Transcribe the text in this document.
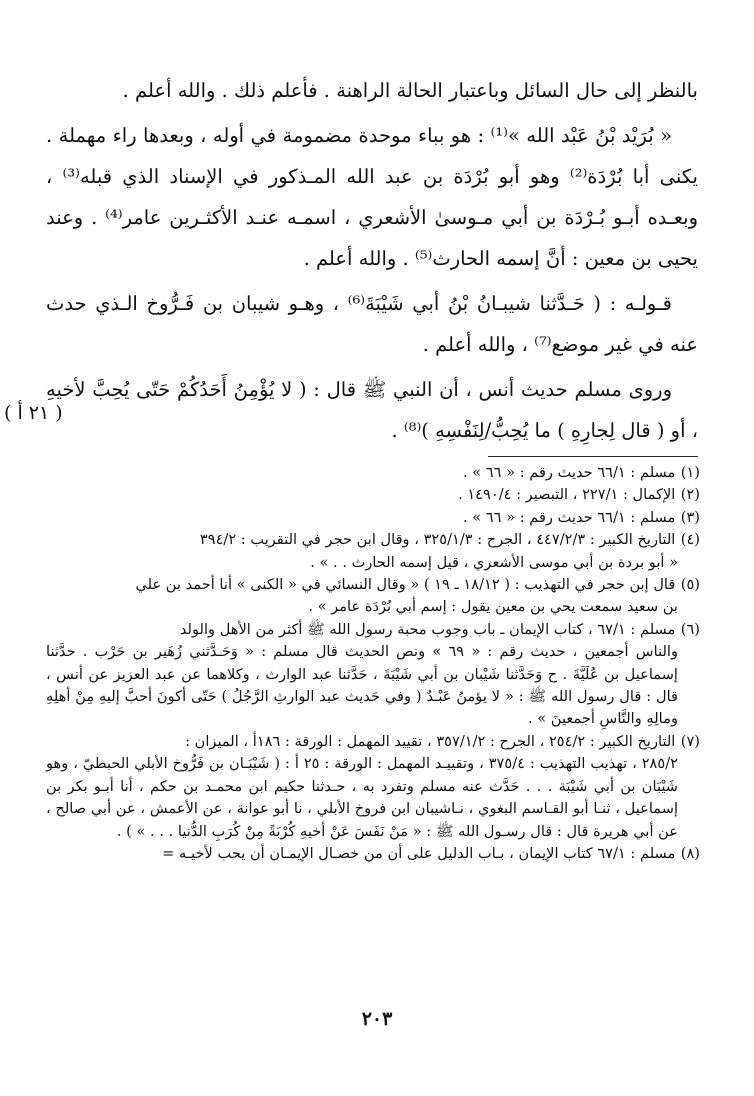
بالنظر إلى حال السائل وباعتبار الحالة الراهنة . فأعلم ذلك . والله أعلم .

« بُرَيْد بْنُ عَبْد الله »⁽¹⁾ : هو بباء موحدة مضمومة في أوله ، وبعدها راء مهملة . يكنى أبا بُرْدَة⁽²⁾ وهو أبو بُرْدَة بن عبد الله المـذكور في الإسناد الذي قبله⁽³⁾ ، وبعـده أبـو بُـرْدَة بن أبي مـوسىٰ الأشعري ، اسمـه عنـد الأكثـرين عامر⁽⁴⁾ . وعند يحيى بن معين : أنَّ إسمه الحارث⁽⁵⁾ . والله أعلم .

قـولـه : ( حَـدَّثنا شيبـانُ بْنُ أبي شَيْبَةَ⁽⁶⁾ ، وهـو شيبان بن فَـرُّوخ الـذي حدث عنه في غير موضع⁽⁷⁾ ، والله أعلم .

وروى مسلم حديث أنس ، أن النبي ﷺ قال : ( لا يُؤْمِنُ أَحَدُكُمْ حَتّى يُحِبَّ لأخيهِ ، أو ( قال لِجارِهِ ) ما يُحِبُّ/لِنَفْسِهِ )⁽⁸⁾ .

( ٢١ أ )

(١) مسلم : ٦٦/١ حديث رقم : « ٦٦ » .

(٢) الإكمال : ٢٢٧/١ ، التبصير : ١٤٩٠/٤ .

(٣) مسلم : ٦٦/١ حديث رقم : « ٦٦ » .

(٤) التاريخ الكبير : ٤٤٧/٢/٣ ، الجرح : ٣٢٥/١/٣ ، وقال ابن حجر في التقريب : ٣٩٤/٢
« أبو بردة بن أبي موسى الأشعري ، قيل إسمه الحارث . . » .

(٥) قال إبن حجر في التهذيب : ( ١٨/١٢ ـ ١٩ ) « وقال النسائي في « الكنى » أنا أحمد بن علي
بن سعيد سمعت يحي بن معين يقول : إسم أبي بُرْدَة عامر » .

(٦) مسلم : ٦٧/١ ، كتاب الإيمان ـ باب وجوب محبة رسول الله ﷺ أكثر من الأهل والولد
والناس أجمعين ، حديث رقم : « ٦٩ » ونص الحديث قال مسلم : « وَحَـدَّثني زُهَير بن حَرْب . حدَّثنا إسماعيل بن عُلَيَّةَ . ح وَحَدَّثنا شَيْبان بن أبي شَيْبَةَ ، حَدَّثنا عبد الوارث ، وكلاهما عن عبد العزيز عن أنس ، قال : قال رسول الله ﷺ : « لا يؤمنُ عَبْـدٌ ( وفي حَديث عبد الوارثِ الرَّجُلُ ) حَتّى أكونَ أحبَّ إليهِ مِنْ أهلِهِ ومالِهِ والنَّاسِ أجمعينَ » .

(٧) التاريخ الكبير : ٢٥٤/٢ ، الجرح : ٣٥٧/١/٢ ، تقييد المهمل : الورقة : ١٨٦أ ، الميزان :
٢٨٥/٢ ، تهذيب التهذيب : ٣٧٥/٤ ، وتقييـد المهمل : الورقة : ٢٥ أ : ( شَيْبَـان بن فَرُّوخ الأبلي الحبطيّ ، وهو شَيْبَان بن أبي شَيْبَة . . . حَدَّث عنه مسلم وتفرد به ، حـدثنا حكيم ابن محمـد بن حكم ، أنا أبـو بكر بن إسماعيل ، ثنـا أبو القـاسم البغوي ، نـاشيبان ابن فروخ الأبلي ، نا أبو عوانة ، عن الأعمش ، عن أبي صالح ، عن أبي هريرة قال : قال رسـول الله ﷺ : « مَنْ نَفَسَ عَنْ أخيهِ كُرْبَةً مِنْ كُرَبِ الدُّنيا . . . » ) .

(٨) مسلم : ٦٧/١ كتاب الإيمان ، بـاب الدليل على أن من خصـال الإيمـان أن يحب لأخيـه =

٢٠٣
